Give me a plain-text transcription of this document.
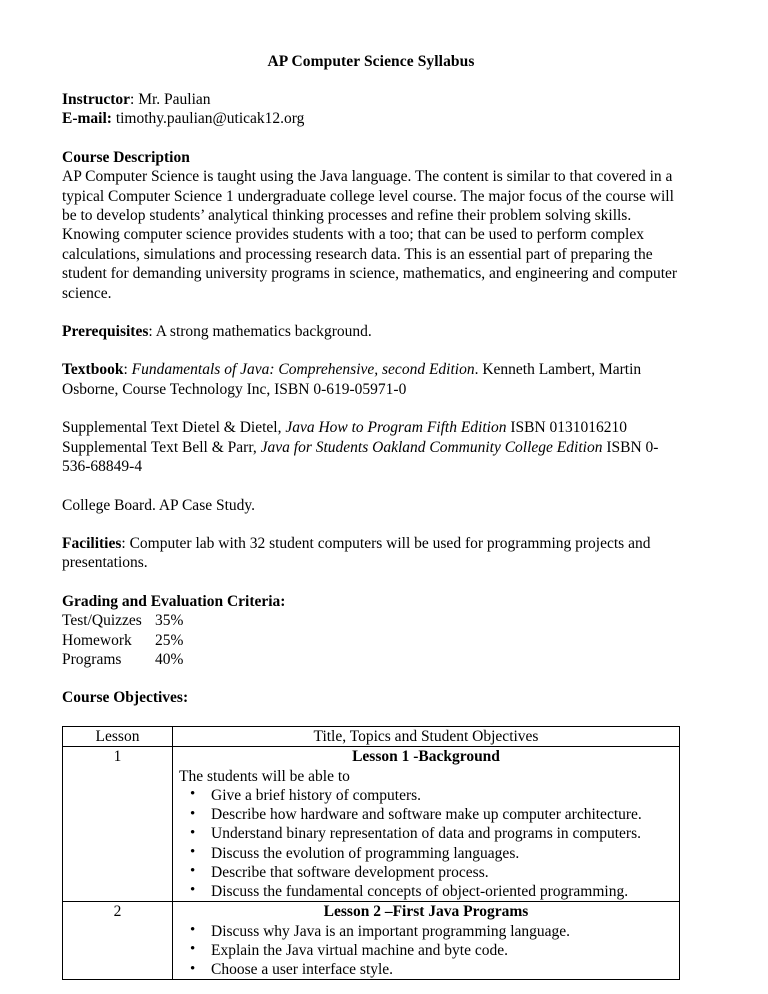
AP Computer Science Syllabus

Instructor: Mr. Paulian

E-mail: timothy.paulian@uticak12.org

Course Description

AP Computer Science is taught using the Java language. The content is similar to that covered in a typical Computer Science 1 undergraduate college level course. The major focus of the course will be to develop students’ analytical thinking processes and refine their problem solving skills. Knowing computer science provides students with a too; that can be used to perform complex calculations, simulations and processing research data. This is an essential part of preparing the student for demanding university programs in science, mathematics, and engineering and computer science.

Prerequisites: A strong mathematics background.

Textbook: Fundamentals of Java: Comprehensive, second Edition. Kenneth Lambert, Martin Osborne, Course Technology Inc, ISBN 0-619-05971-0

Supplemental Text Dietel & Dietel, Java How to Program Fifth Edition ISBN 0131016210

Supplemental Text Bell & Parr, Java for Students Oakland Community College Edition ISBN 0-536-68849-4

College Board. AP Case Study.

Facilities: Computer lab with 32 student computers will be used for programming projects and presentations.

Grading and Evaluation Criteria:

Test/Quizzes	35%
Homework	25%
Programs	40%

Course Objectives:

Lesson	Title, Topics and Student Objectives
1	Lesson 1 -Background
The students will be able to
• Give a brief history of computers.
• Describe how hardware and software make up computer architecture.
• Understand binary representation of data and programs in computers.
• Discuss the evolution of programming languages.
• Describe that software development process.
• Discuss the fundamental concepts of object-oriented programming.

2	Lesson 2 –First Java Programs
• Discuss why Java is an important programming language.
• Explain the Java virtual machine and byte code.
• Choose a user interface style.
